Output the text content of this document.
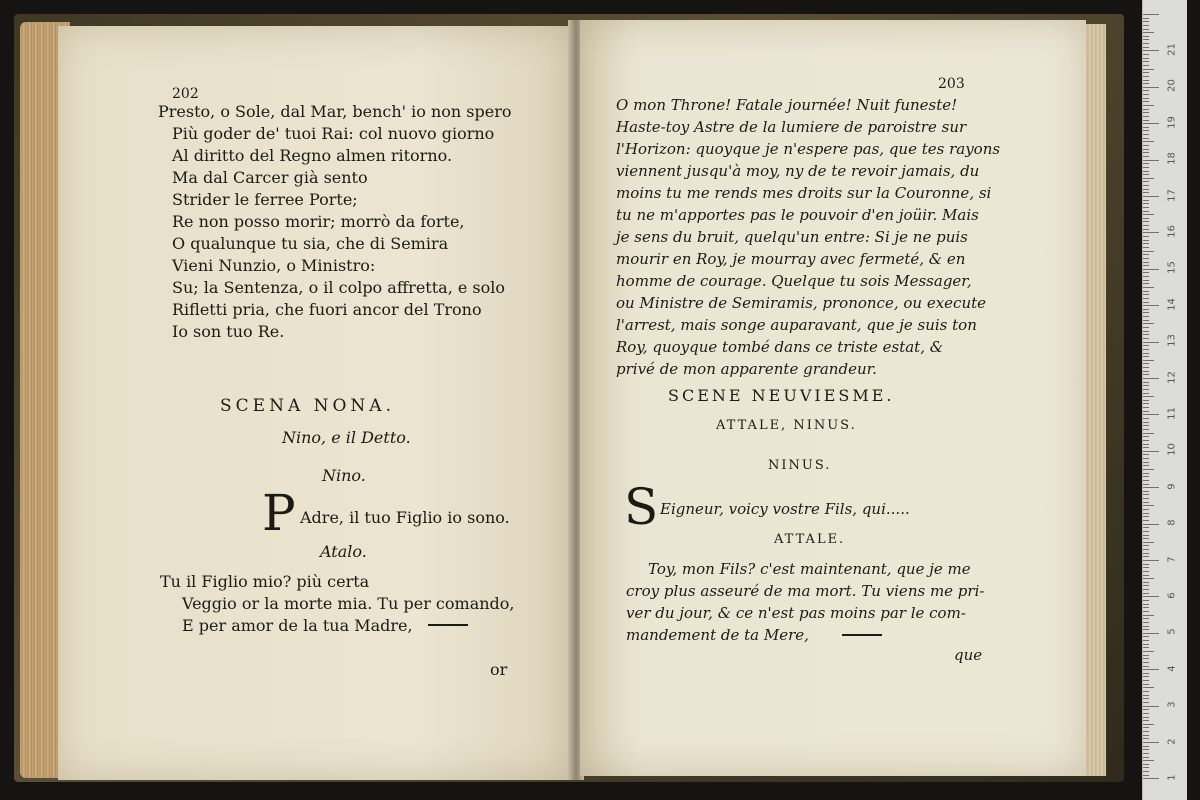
202
Presto, o Sole, dal Mar, bench' io non spero
Più goder de' tuoi Rai: col nuovo giorno
Al diritto del Regno almen ritorno.
Ma dal Carcer già sento
Strider le ferree Porte;
Re non posso morir; morrò da forte,
O qualunque tu sia, che di Semira
Vieni Nunzio, o Ministro:
Su; la Sentenza, o il colpo affretta, e solo
Rifletti pria, che fuori ancor del Trono
Io son tuo Re.
SCENA NONA.
Nino, e il Detto.
Nino.
P Adre, il tuo Figlio io sono.
Atalo.
Tu il Figlio mio? più certa
Veggio or la morte mia. Tu per comando,
E per amor de la tua Madre,
or
203
O mon Throne! Fatale journée! Nuit funeste!
Haste-toy Astre de la lumiere de paroistre sur
l'Horizon: quoyque je n'espere pas, que tes rayons
viennent jusqu'à moy, ny de te revoir jamais, du
moins tu me rends mes droits sur la Couronne, si
tu ne m'apportes pas le pouvoir d'en joüir. Mais
je sens du bruit, quelqu'un entre: Si je ne puis
mourir en Roy, je mourray avec fermeté, & en
homme de courage. Quelque tu sois Messager,
ou Ministre de Semiramis, prononce, ou execute
l'arrest, mais songe auparavant, que je suis ton
Roy, quoyque tombé dans ce triste estat, &
privé de mon apparente grandeur.
SCENE NEUVIESME.
ATTALE, NINUS.
NINUS.
S Eigneur, voicy vostre Fils, qui.....
ATTALE.
Toy, mon Fils? c'est maintenant, que je me
croy plus asseuré de ma mort. Tu viens me pri-
ver du jour, & ce n'est pas moins par le com-
mandement de ta Mere,
que
21
20
19
18
17
16
15
14
13
12
11
10
9
8
7
6
5
4
3
2
1
